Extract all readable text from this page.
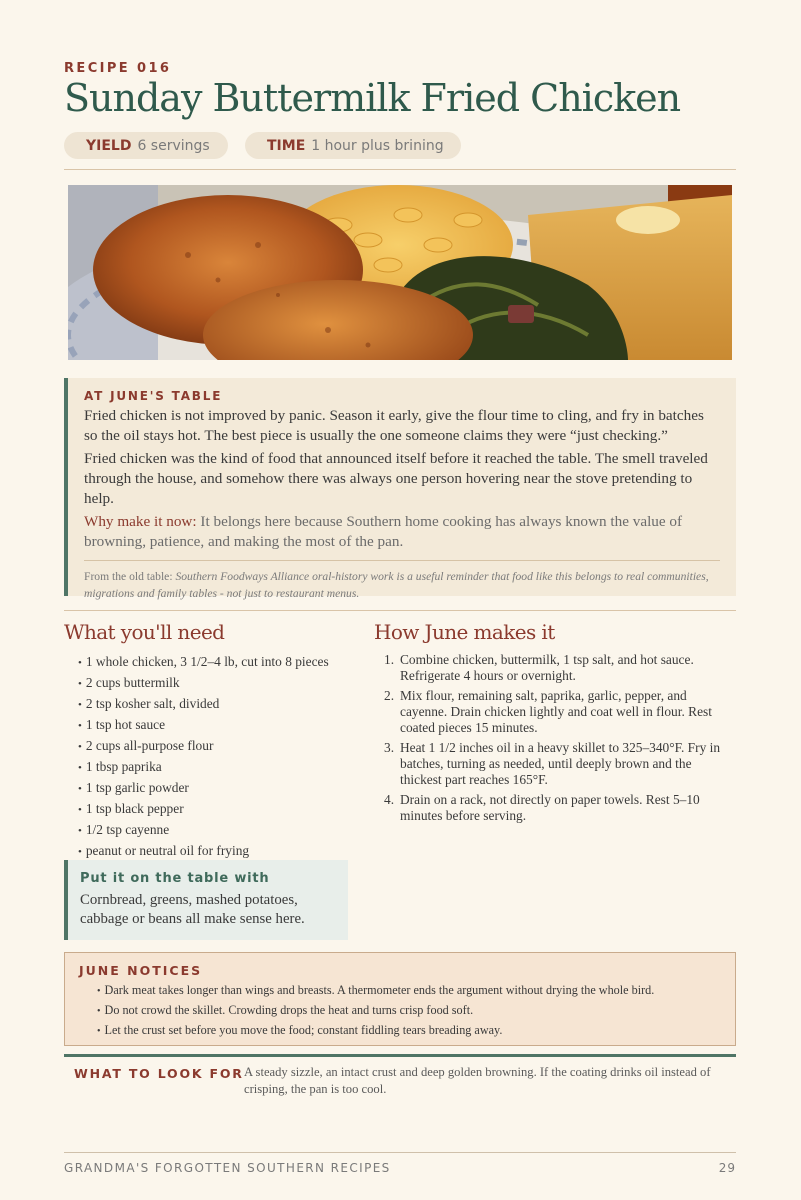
RECIPE 016
Sunday Buttermilk Fried Chicken
YIELD 6 servings	TIME 1 hour plus brining
AT JUNE'S TABLE

Fried chicken is not improved by panic. Season it early, give the flour time to cling, and fry in batches so the oil stays hot. The best piece is usually the one someone claims they were “just checking.”

Fried chicken was the kind of food that announced itself before it reached the table. The smell traveled through the house, and somehow there was always one person hovering near the stove pretending to help.

Why make it now: It belongs here because Southern home cooking has always known the value of browning, patience, and making the most of the pan.

From the old table: Southern Foodways Alliance oral-history work is a useful reminder that food like this belongs to real communities, migrations and family tables - not just to restaurant menus.
What you'll need
• 1 whole chicken, 3 1/2–4 lb, cut into 8 pieces
• 2 cups buttermilk
• 2 tsp kosher salt, divided
• 1 tsp hot sauce
• 2 cups all-purpose flour
• 1 tbsp paprika
• 1 tsp garlic powder
• 1 tsp black pepper
• 1/2 tsp cayenne
• peanut or neutral oil for frying
How June makes it
1. Combine chicken, buttermilk, 1 tsp salt, and hot sauce. Refrigerate 4 hours or overnight.
2. Mix flour, remaining salt, paprika, garlic, pepper, and cayenne. Drain chicken lightly and coat well in flour. Rest coated pieces 15 minutes.
3. Heat 1 1/2 inches oil in a heavy skillet to 325–340°F. Fry in batches, turning as needed, until deeply brown and the thickest part reaches 165°F.
4. Drain on a rack, not directly on paper towels. Rest 5–10 minutes before serving.
Put it on the table with

Cornbread, greens, mashed potatoes, cabbage or beans all make sense here.

JUNE NOTICES
• Dark meat takes longer than wings and breasts. A thermometer ends the argument without drying the whole bird.
• Do not crowd the skillet. Crowding drops the heat and turns crisp food soft.
• Let the crust set before you move the food; constant fiddling tears breading away.
WHAT TO LOOK FOR A steady sizzle, an intact crust and deep golden browning. If the coating drinks oil instead of crisping, the pan is too cool.
GRANDMA'S FORGOTTEN SOUTHERN RECIPES	29
